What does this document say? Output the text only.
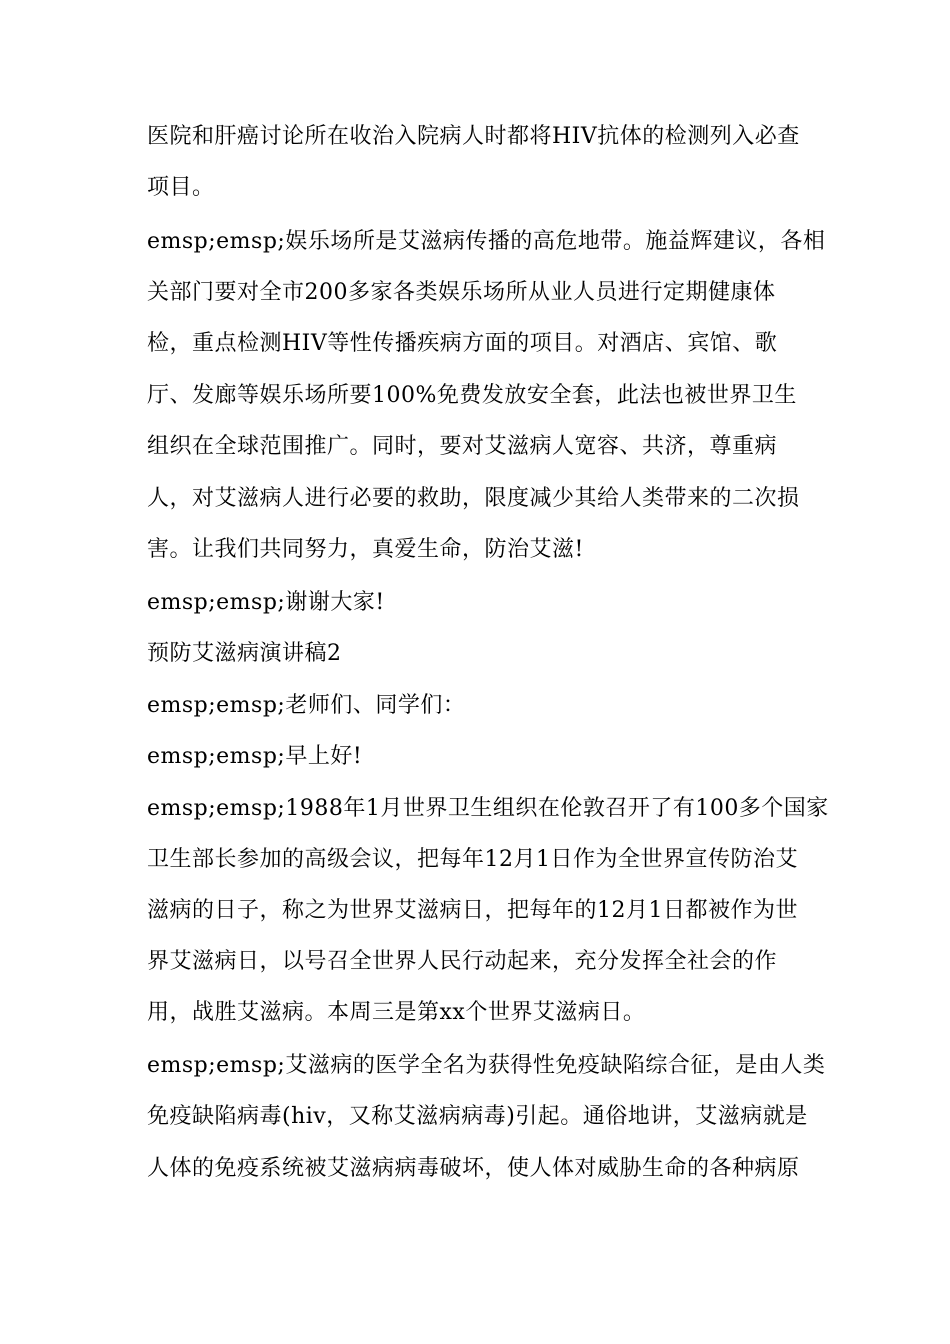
医院和肝癌讨论所在收治入院病人时都将HIV抗体的检测列入必查
项目。
emsp;emsp;娱乐场所是艾滋病传播的高危地带。施益辉建议，各相
关部门要对全市200多家各类娱乐场所从业人员进行定期健康体
检，重点检测HIV等性传播疾病方面的项目。对酒店、宾馆、歌
厅、发廊等娱乐场所要100%免费发放安全套，此法也被世界卫生
组织在全球范围推广。同时，要对艾滋病人宽容、共济，尊重病
人，对艾滋病人进行必要的救助，限度减少其给人类带来的二次损
害。让我们共同努力，真爱生命，防治艾滋!
emsp;emsp;谢谢大家!
预防艾滋病演讲稿2
emsp;emsp;老师们、同学们：
emsp;emsp;早上好!
emsp;emsp;1988年1月世界卫生组织在伦敦召开了有100多个国家
卫生部长参加的高级会议，把每年12月1日作为全世界宣传防治艾
滋病的日子，称之为世界艾滋病日，把每年的12月1日都被作为世
界艾滋病日，以号召全世界人民行动起来，充分发挥全社会的作
用，战胜艾滋病。本周三是第xx个世界艾滋病日。
emsp;emsp;艾滋病的医学全名为获得性免疫缺陷综合征，是由人类
免疫缺陷病毒(hiv，又称艾滋病病毒)引起。通俗地讲，艾滋病就是
人体的免疫系统被艾滋病病毒破坏，使人体对威胁生命的各种病原
